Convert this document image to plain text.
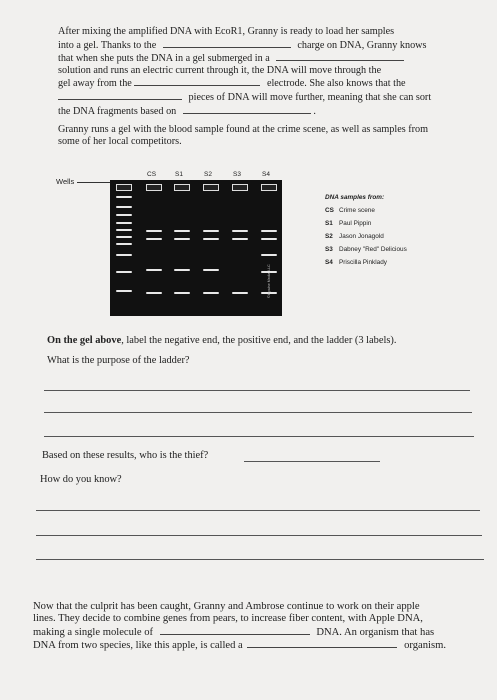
After mixing the amplified DNA with EcoR1, Granny is ready to load her samples
into a gel. Thanks to the	charge on DNA, Granny knows
that when she puts the DNA in a gel submerged in a
solution and runs an electric current through it, the DNA will move through the
gel away from the	electrode. She also knows that the
pieces of DNA will move further, meaning that she can sort
the DNA fragments based on	.
Granny runs a gel with the blood sample found at the crime scene, as well as samples from
some of her local competitors.
Wells
CS	S1	S2	S3	S4
©Impulse Media, LLC
DNA samples from:
CS Crime scene
S1 Paul Pippin
S2 Jason Jonagold
S3 Dabney "Red" Delicious
S4 Priscilla Pinklady
On the gel above, label the negative end, the positive end, and the ladder (3 labels).
What is the purpose of the ladder?
Based on these results, who is the thief?
How do you know?
Now that the culprit has been caught, Granny and Ambrose continue to work on their apple
lines. They decide to combine genes from pears, to increase fiber content, with Apple DNA,
making a single molecule of	DNA. An organism that has
DNA from two species, like this apple, is called a	organism.
